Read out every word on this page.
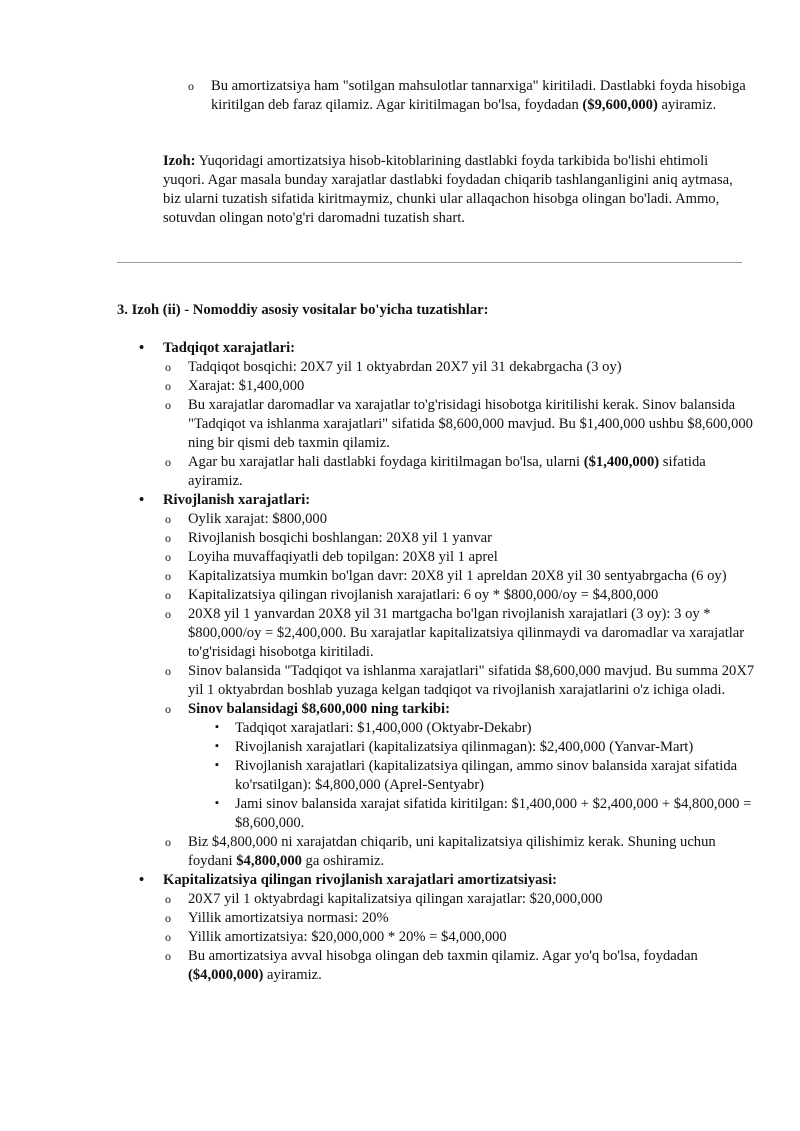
o Bu amortizatsiya ham "sotilgan mahsulotlar tannarxiga" kiritiladi. Dastlabki foyda hisobiga kiritilgan deb faraz qilamiz. Agar kiritilmagan bo'lsa, foydadan ($9,600,000) ayiramiz.
Izoh: Yuqoridagi amortizatsiya hisob-kitoblarining dastlabki foyda tarkibida bo'lishi ehtimoli yuqori. Agar masala bunday xarajatlar dastlabki foydadan chiqarib tashlanganligini aniq aytmasa, biz ularni tuzatish sifatida kiritmaymiz, chunki ular allaqachon hisobga olingan bo'ladi. Ammo, sotuvdan olingan noto'g'ri daromadni tuzatish shart.
3. Izoh (ii) - Nomoddiy asosiy vositalar bo'yicha tuzatishlar:
• Tadqiqot xarajatlari:
o Tadqiqot bosqichi: 20X7 yil 1 oktyabrdan 20X7 yil 31 dekabrgacha (3 oy)
o Xarajat: $1,400,000
o Bu xarajatlar daromadlar va xarajatlar to'g'risidagi hisobotga kiritilishi kerak. Sinov balansida "Tadqiqot va ishlanma xarajatlari" sifatida $8,600,000 mavjud. Bu $1,400,000 ushbu $8,600,000 ning bir qismi deb taxmin qilamiz.
o Agar bu xarajatlar hali dastlabki foydaga kiritilmagan bo'lsa, ularni ($1,400,000) sifatida ayiramiz.
• Rivojlanish xarajatlari:
o Oylik xarajat: $800,000
o Rivojlanish bosqichi boshlangan: 20X8 yil 1 yanvar
o Loyiha muvaffaqiyatli deb topilgan: 20X8 yil 1 aprel
o Kapitalizatsiya mumkin bo'lgan davr: 20X8 yil 1 apreldan 20X8 yil 30 sentyabrgacha (6 oy)
o Kapitalizatsiya qilingan rivojlanish xarajatlari: 6 oy * $800,000/oy = $4,800,000
o 20X8 yil 1 yanvardan 20X8 yil 31 martgacha bo'lgan rivojlanish xarajatlari (3 oy): 3 oy * $800,000/oy = $2,400,000. Bu xarajatlar kapitalizatsiya qilinmaydi va daromadlar va xarajatlar to'g'risidagi hisobotga kiritiladi.
o Sinov balansida "Tadqiqot va ishlanma xarajatlari" sifatida $8,600,000 mavjud. Bu summa 20X7 yil 1 oktyabrdan boshlab yuzaga kelgan tadqiqot va rivojlanish xarajatlarini o'z ichiga oladi.
o Sinov balansidagi $8,600,000 ning tarkibi:
▪ Tadqiqot xarajatlari: $1,400,000 (Oktyabr-Dekabr)
▪ Rivojlanish xarajatlari (kapitalizatsiya qilinmagan): $2,400,000 (Yanvar-Mart)
▪ Rivojlanish xarajatlari (kapitalizatsiya qilingan, ammo sinov balansida xarajat sifatida ko'rsatilgan): $4,800,000 (Aprel-Sentyabr)
▪ Jami sinov balansida xarajat sifatida kiritilgan: $1,400,000 + $2,400,000 + $4,800,000 = $8,600,000.
o Biz $4,800,000 ni xarajatdan chiqarib, uni kapitalizatsiya qilishimiz kerak. Shuning uchun foydani $4,800,000 ga oshiramiz.
• Kapitalizatsiya qilingan rivojlanish xarajatlari amortizatsiyasi:
o 20X7 yil 1 oktyabrdagi kapitalizatsiya qilingan xarajatlar: $20,000,000
o Yillik amortizatsiya normasi: 20%
o Yillik amortizatsiya: $20,000,000 * 20% = $4,000,000
o Bu amortizatsiya avval hisobga olingan deb taxmin qilamiz. Agar yo'q bo'lsa, foydadan ($4,000,000) ayiramiz.
